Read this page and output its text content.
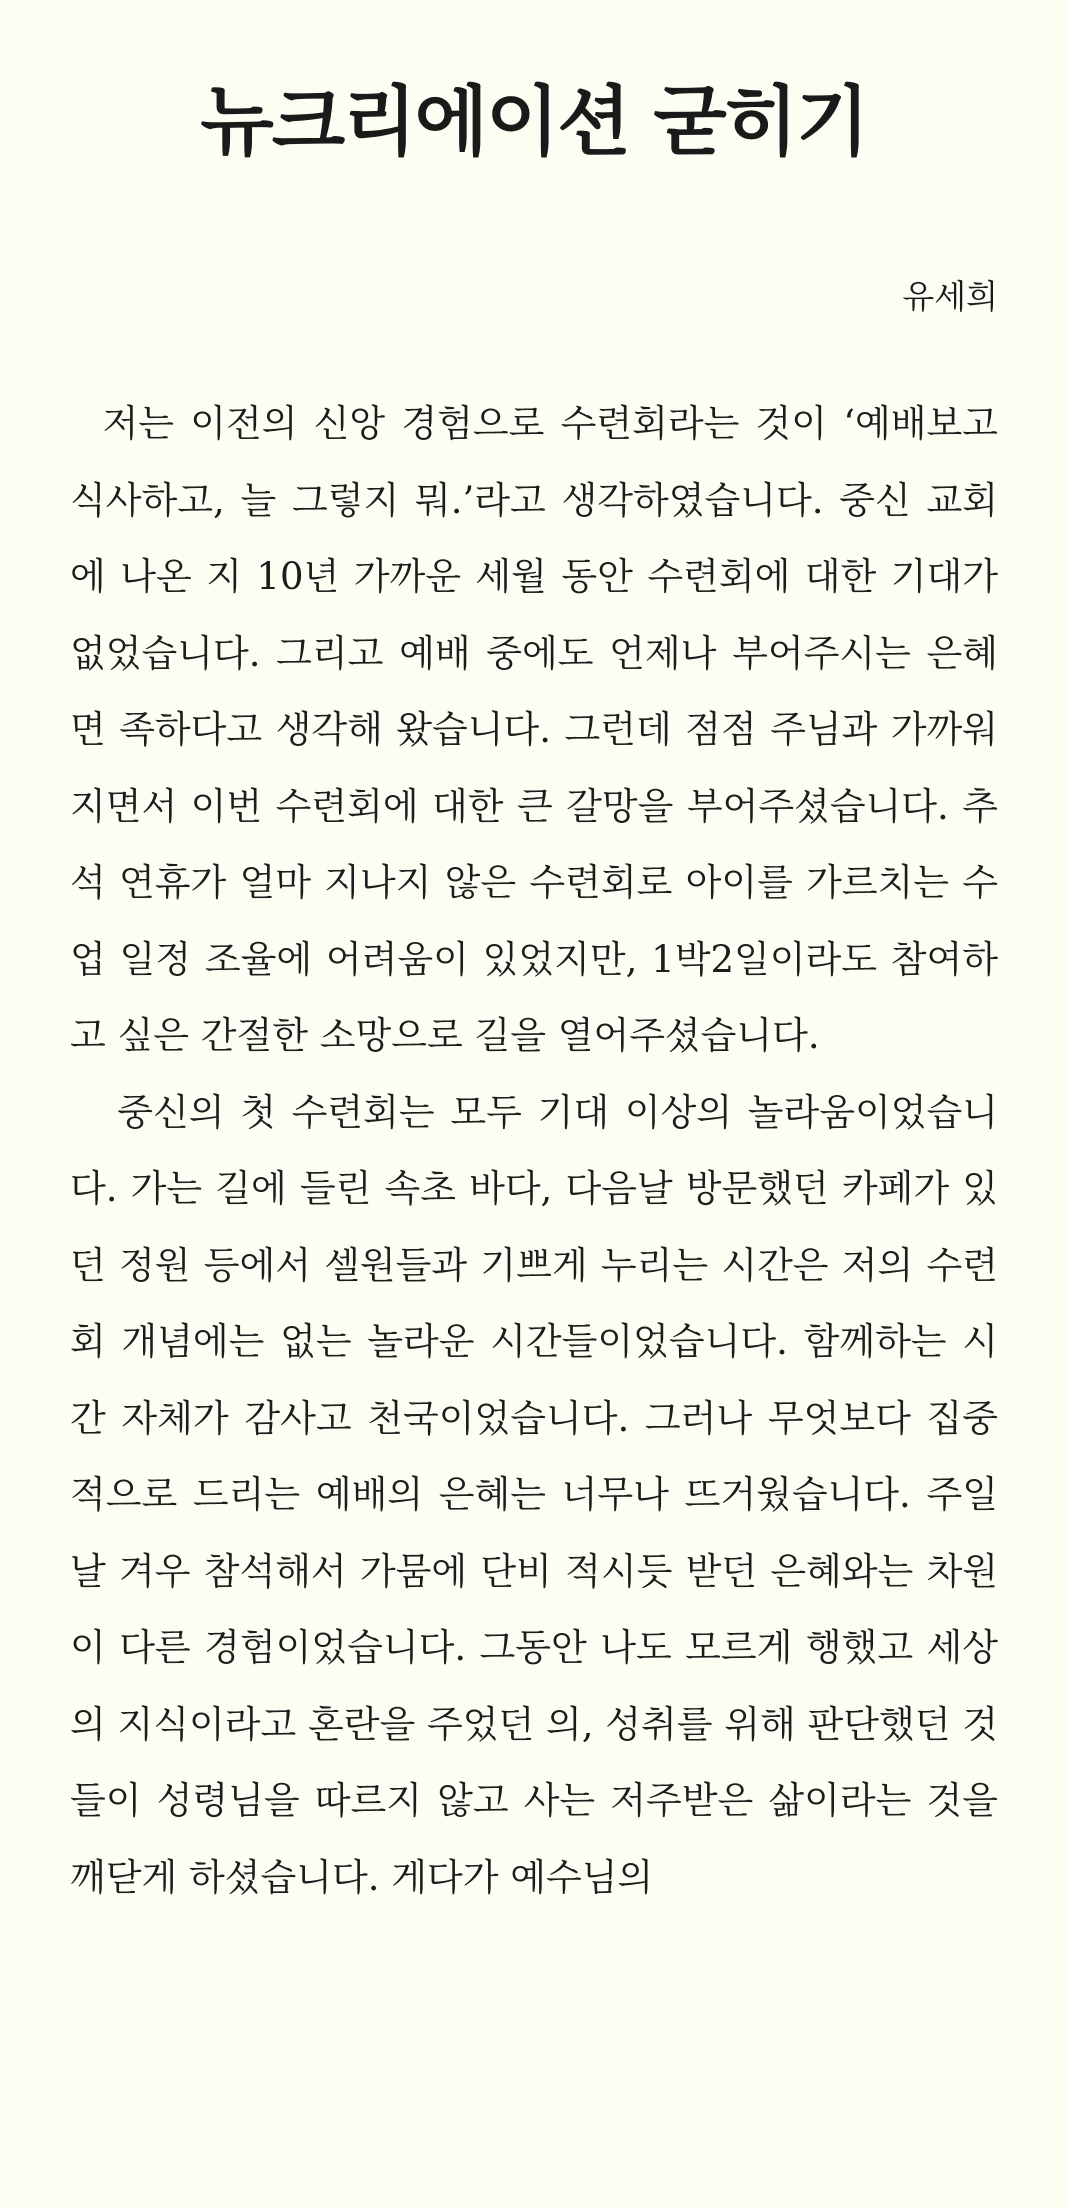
뉴크리에이션 굳히기
유세희

저는 이전의 신앙 경험으로 수련회라는 것이 ‘예배보고 식사하고, 늘 그렇지 뭐.’라고 생각하였습니다. 중신 교회에 나온 지 10년 가까운 세월 동안 수련회에 대한 기대가 없었습니다. 그리고 예배 중에도 언제나 부어주시는 은혜면 족하다고 생각해 왔습니다. 그런데 점점 주님과 가까워지면서 이번 수련회에 대한 큰 갈망을 부어주셨습니다. 추석 연휴가 얼마 지나지 않은 수련회로 아이를 가르치는 수업 일정 조율에 어려움이 있었지만, 1박2일이라도 참여하고 싶은 간절한 소망으로 길을 열어주셨습니다.

중신의 첫 수련회는 모두 기대 이상의 놀라움이었습니다. 가는 길에 들린 속초 바다, 다음날 방문했던 카페가 있던 정원 등에서 셀원들과 기쁘게 누리는 시간은 저의 수련회 개념에는 없는 놀라운 시간들이었습니다. 함께하는 시간 자체가 감사고 천국이었습니다. 그러나 무엇보다 집중적으로 드리는 예배의 은혜는 너무나 뜨거웠습니다. 주일날 겨우 참석해서 가뭄에 단비 적시듯 받던 은혜와는 차원이 다른 경험이었습니다. 그동안 나도 모르게 행했고 세상의 지식이라고 혼란을 주었던 의, 성취를 위해 판단했던 것들이 성령님을 따르지 않고 사는 저주받은 삶이라는 것을 깨닫게 하셨습니다. 게다가 예수님의
